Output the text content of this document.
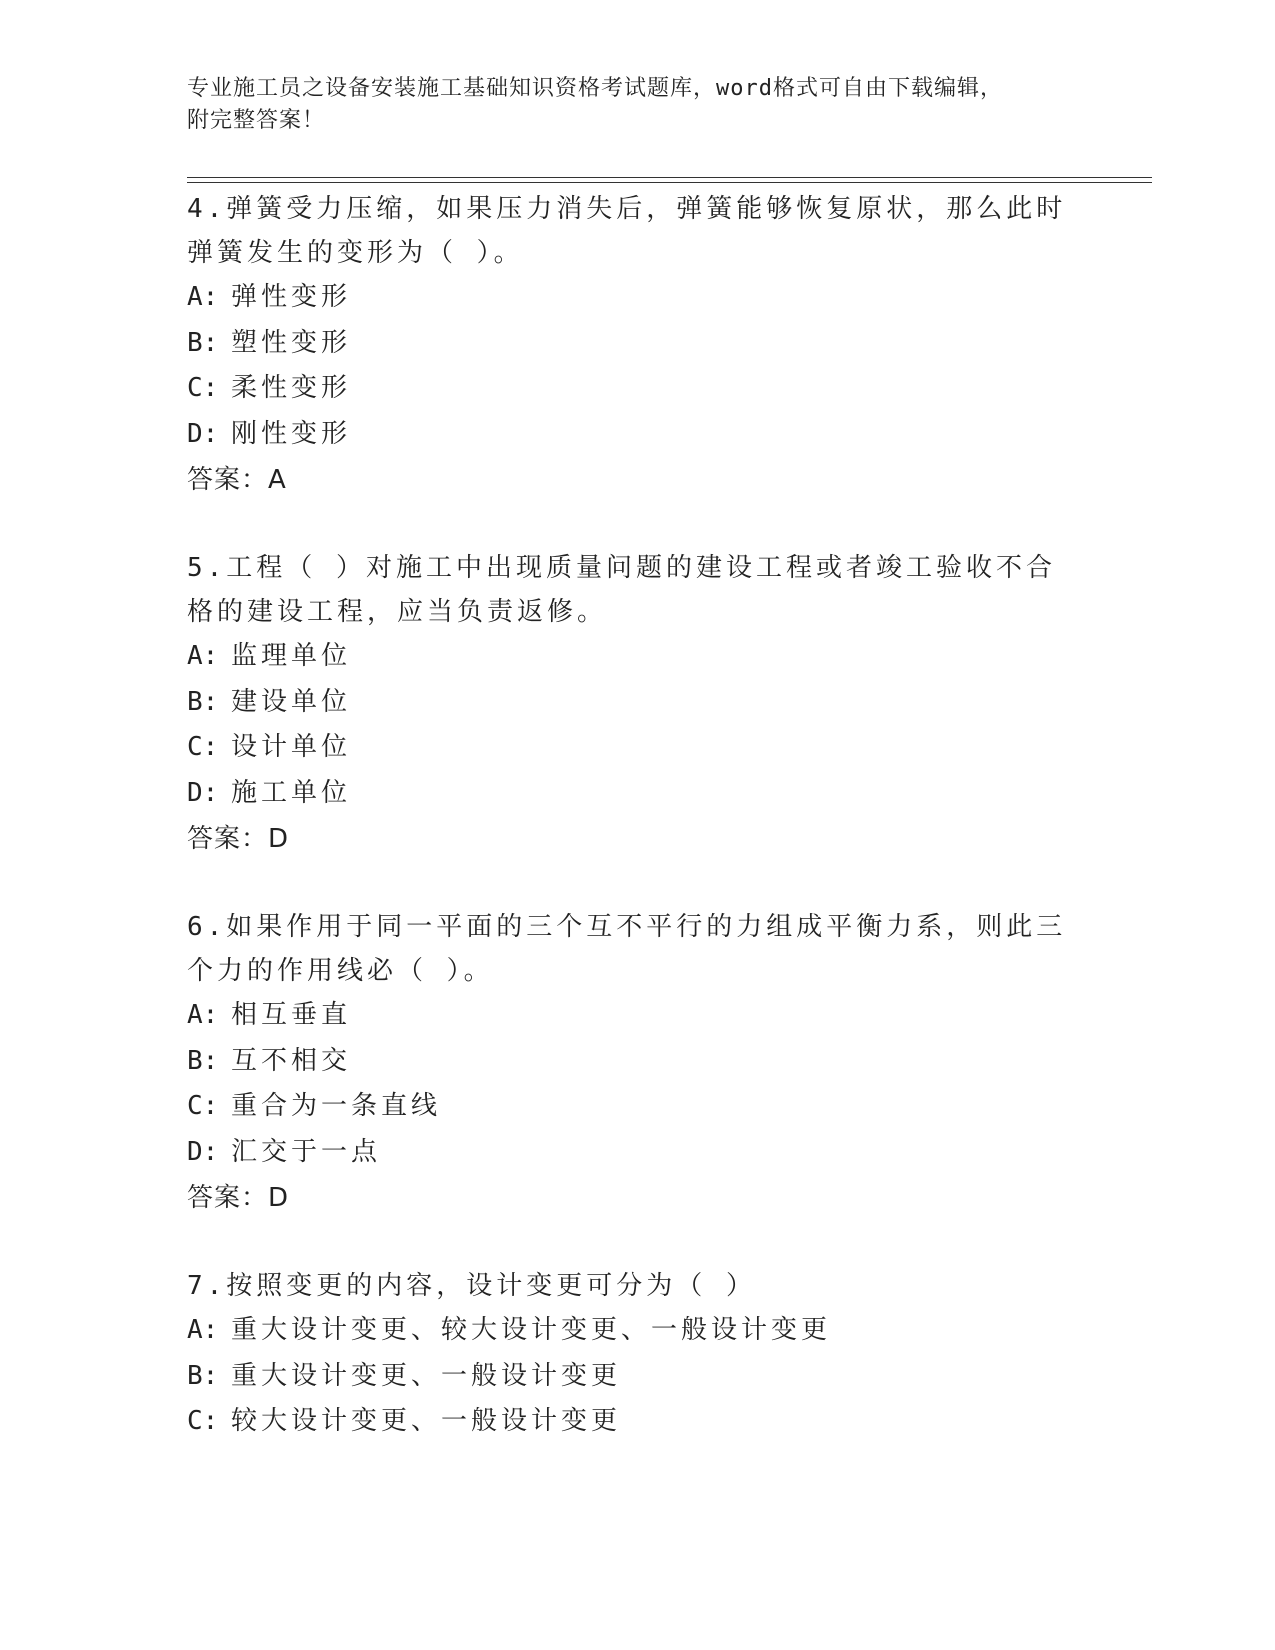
专业施工员之设备安装施工基础知识资格考试题库，word格式可自由下载编辑，
附完整答案！
4.弹簧受力压缩，如果压力消失后，弹簧能够恢复原状，那么此时弹簧发生的变形为（ ）。
A: 弹性变形
B: 塑性变形
C: 柔性变形
D: 刚性变形
答案：A
5.工程（ ）对施工中出现质量问题的建设工程或者竣工验收不合格的建设工程，应当负责返修。
A: 监理单位
B: 建设单位
C: 设计单位
D: 施工单位
答案：D
6.如果作用于同一平面的三个互不平行的力组成平衡力系，则此三个力的作用线必（ ）。
A: 相互垂直
B: 互不相交
C: 重合为一条直线
D: 汇交于一点
答案：D
7.按照变更的内容，设计变更可分为（ ）
A: 重大设计变更、较大设计变更、一般设计变更
B: 重大设计变更、一般设计变更
C: 较大设计变更、一般设计变更
